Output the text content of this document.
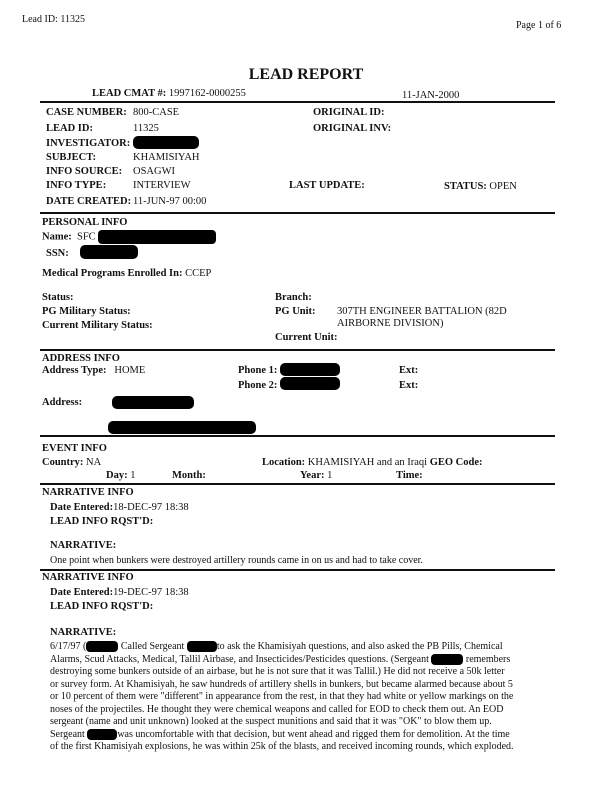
Lead ID: 11325
Page 1 of 6
LEAD REPORT
LEAD CMAT #: 1997162-0000255	11-JAN-2000
CASE NUMBER: 800-CASE
LEAD ID:	11325
INVESTIGATOR:
SUBJECT:	KHAMISIYAH
INFO SOURCE: OSAGWI
INFO TYPE:	INTERVIEW
DATE CREATED: 11-JUN-97 00:00
ORIGINAL ID:
ORIGINAL INV:
LAST UPDATE:	STATUS: OPEN
PERSONAL INFO
Name: SFC
SSN:
Medical Programs Enrolled In: CCEP
Status:
PG Military Status:
Current Military Status:
Branch:
PG Unit: 307TH ENGINEER BATTALION (82D
AIRBORNE DIVISION)
Current Unit:
ADDRESS INFO
Address Type: HOME	Phone 1:
Phone 2:
Ext:
Ext:
Address:
EVENT INFO
Country: NA	Location: KHAMISIYAH and an Iraqi GEO Code:
Day: 1	Month:	Year: 1	Time:
NARRATIVE INFO
Date Entered:18-DEC-97 18:38
LEAD INFO RQST'D:
NARRATIVE:
One point when bunkers were destroyed artillery rounds came in on us and had to take cover.
NARRATIVE INFO
Date Entered:19-DEC-97 18:38
LEAD INFO RQST'D:
NARRATIVE:
6/17/97 (	Called Sergeant	to ask the Khamisiyah questions, and also asked the PB Pills, Chemical
Alarms, Scud Attacks, Medical, Tallil Airbase, and Insecticides/Pesticides questions. (Sergeant	remembers
destroying some bunkers outside of an airbase, but he is not sure that it was Tallil.) He did not receive a 50k letter
or survey form. At Khamisiyah, he saw hundreds of artillery shells in bunkers, but became alarmed because about 5
or 10 percent of them were "different" in appearance from the rest, in that they had white or yellow markings on the
noses of the projectiles. He thought they were chemical weapons and called for EOD to check them out. An EOD
sergeant (name and unit unknown) looked at the suspect munitions and said that it was "OK" to blow them up.
Sergeant	was uncomfortable with that decision, but went ahead and rigged them for demolition. At the time
of the first Khamisiyah explosions, he was within 25k of the blasts, and received incoming rounds, which exploded.
